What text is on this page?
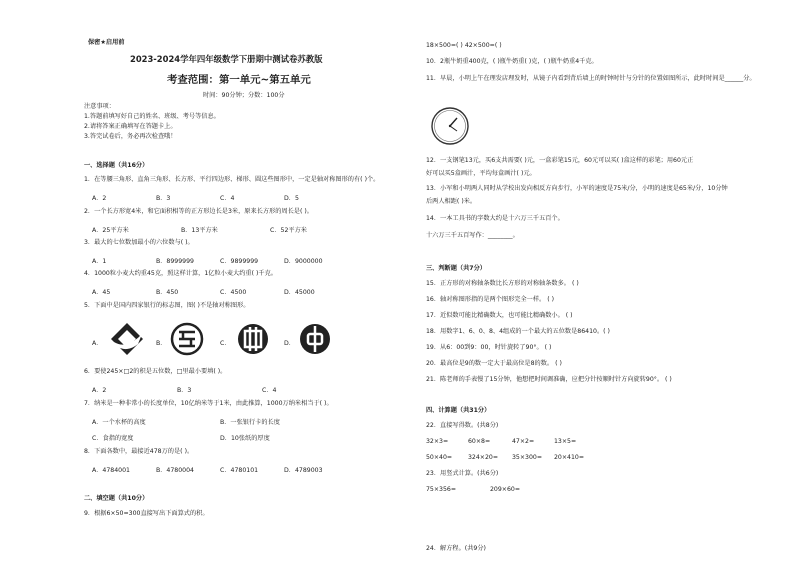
保密★启用前
2023-2024学年四年级数学下册期中测试卷苏教版
考查范围：第一单元~第五单元
时间：90分钟；分数：100分
注意事项：
1.答题前填写好自己的姓名、班级、考号等信息。
2.请将答案正确填写在答题卡上。
3.答完试卷后，务必再次检查哦！
一、选择题（共16分）
1．在等腰三角形、直角三角形、长方形、平行四边形、梯形、圆这些图形中，一定是轴对称图形的有( )个。
A．2	B．3	C．4	D．5
2．一个长方形宽4米，和它面积相等的正方形边长是3米，原来长方形的周长是( )。
A．25平方米	B．13平方米	C．52平方米
3．最大的七位数加最小的六位数与( )。
A．1	B．8999999	C．9899999	D．9000000
4．1000粒小麦大约重45克，照这样计算，1亿粒小麦大约重( )千克。
A．45	B．450	C．4500	D．45000
5．下面中是国内四家银行的标志图，图( )不是轴对称图形。
A．	B．	C．	D．
6．要使245×□2的积是五位数，□里最小要填( )。
A．2	B．3	C．4
7．纳米是一种非常小的长度单位，10亿纳米等于1米，由此推算，1000万纳米相当于( )。
A．一个水杯的高度	B．一张银行卡的长度
C．食指的宽度	D．10张纸的厚度
8．下面各数中，最接近478万的是( )。
A．4784001	B．4780004	C．4780101	D．4789003
二、填空题（共10分）
9．根据6×50=300直接写出下面算式的积。
18×500=( ) 42×500=( )
10．2瓶牛奶重400克，( )瓶牛奶重( )克，( )瓶牛奶重4千克。
11．早晨，小明上午在理发店理发时，从镜子内看到背后墙上的时钟时针与分针的位置如图所示，此时时间是______分。
12．一支钢笔13元，买6支共需要( )元，一盒彩笔15元，60元可以买( )盒这样的彩笔；用60元正
好可以买5盒画汁，平均每盒画汁( )元。
13．小军和小明两人同时从学校出发向相反方向步行，小军的速度是75米/分，小明的速度是65米/分，10分钟
后两人相距( )米。
14．一本工具书的字数大约是十六万三千五百个。
十六万三千五百写作：________。
三、判断题（共7分）
15．正方形的对称轴条数比长方形的对称轴条数多。 ( )
16．轴对称图形指的是两个图形完全一样。 ( )
17．近似数可能比精确数大，也可能比精确数小。 ( )
18．用数字1、6、0、8、4组成的一个最大的五位数是86410。( )
19．从6：00到9：00，时针旋转了90°。 ( )
20．最高位是9的数一定大于最高位是8的数。 ( )
21．陈老师的手表慢了15分钟，他想把时间调准确，应把分针按顺时针方向旋转90°。 ( )
四、计算题（共31分）
22．直接写得数。(共8分)
32×3=	60×8=	47×2=	13×5=
50×40=	324×20= 35×300= 20×410=
23．用竖式计算。(共6分)
75×356=	209×60=
24．解方程。(共9分)
